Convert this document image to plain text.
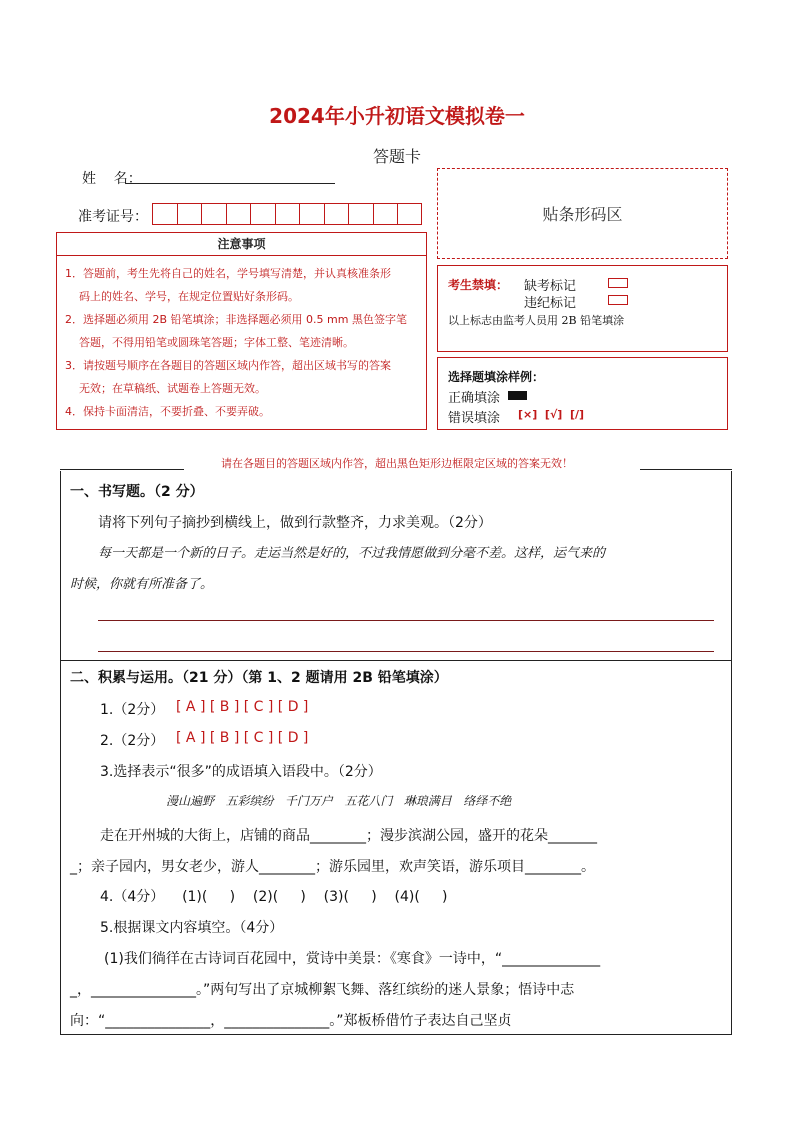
2024年小升初语文模拟卷一
答题卡
姓    名：
准考证号：	贴条形码区
注意事项
1．答题前，考生先将自己的姓名，学号填写清楚，并认真核准条形
码上的姓名、学号，在规定位置贴好条形码。
2．选择题必须用 2B 铅笔填涂；非选择题必须用 0.5 mm 黑色签字笔
答题，不得用铅笔或圆珠笔答题；字体工整、笔迹清晰。
3．请按题号顺序在各题目的答题区域内作答，超出区域书写的答案
无效；在草稿纸、试题卷上答题无效。
4．保持卡面清洁，不要折叠、不要弄破。
考生禁填： 缺考标记
违纪标记
以上标志由监考人员用 2B 铅笔填涂
选择题填涂样例：
正确填涂
错误填涂 [×]  [√]  [/]
请在各题目的答题区域内作答，超出黑色矩形边框限定区域的答案无效！
一、书写题。（2 分）
请将下列句子摘抄到横线上，做到行款整齐，力求美观。（2分）
每一天都是一个新的日子。走运当然是好的，不过我情愿做到分毫不差。这样，运气来的
时候，你就有所准备了。
二、积累与运用。（21 分）（第 1、2 题请用 2B 铅笔填涂）
1.（2分） [ A ] [ B ] [ C ] [ D ]
2.（2分） [ A ] [ B ] [ C ] [ D ]
3.选择表示“很多”的成语填入语段中。（2分）
漫山遍野   五彩缤纷   千门万户   五花八门   琳琅满目   络绎不绝
走在开州城的大街上，店铺的商品________；漫步滨湖公园，盛开的花朵_______
_；亲子园内，男女老少，游人________；游乐园里，欢声笑语，游乐项目________。
4.（4分）    (1)(     )    (2)(     )    (3)(     )    (4)(     )
5.根据课文内容填空。（4分）
(1)我们徜徉在古诗词百花园中，赏诗中美景：《寒食》一诗中，“______________
_，_______________。”两句写出了京城柳絮飞舞、落红缤纷的迷人景象；悟诗中志
向：“_______________，_______________。”郑板桥借竹子表达自己坚贞
